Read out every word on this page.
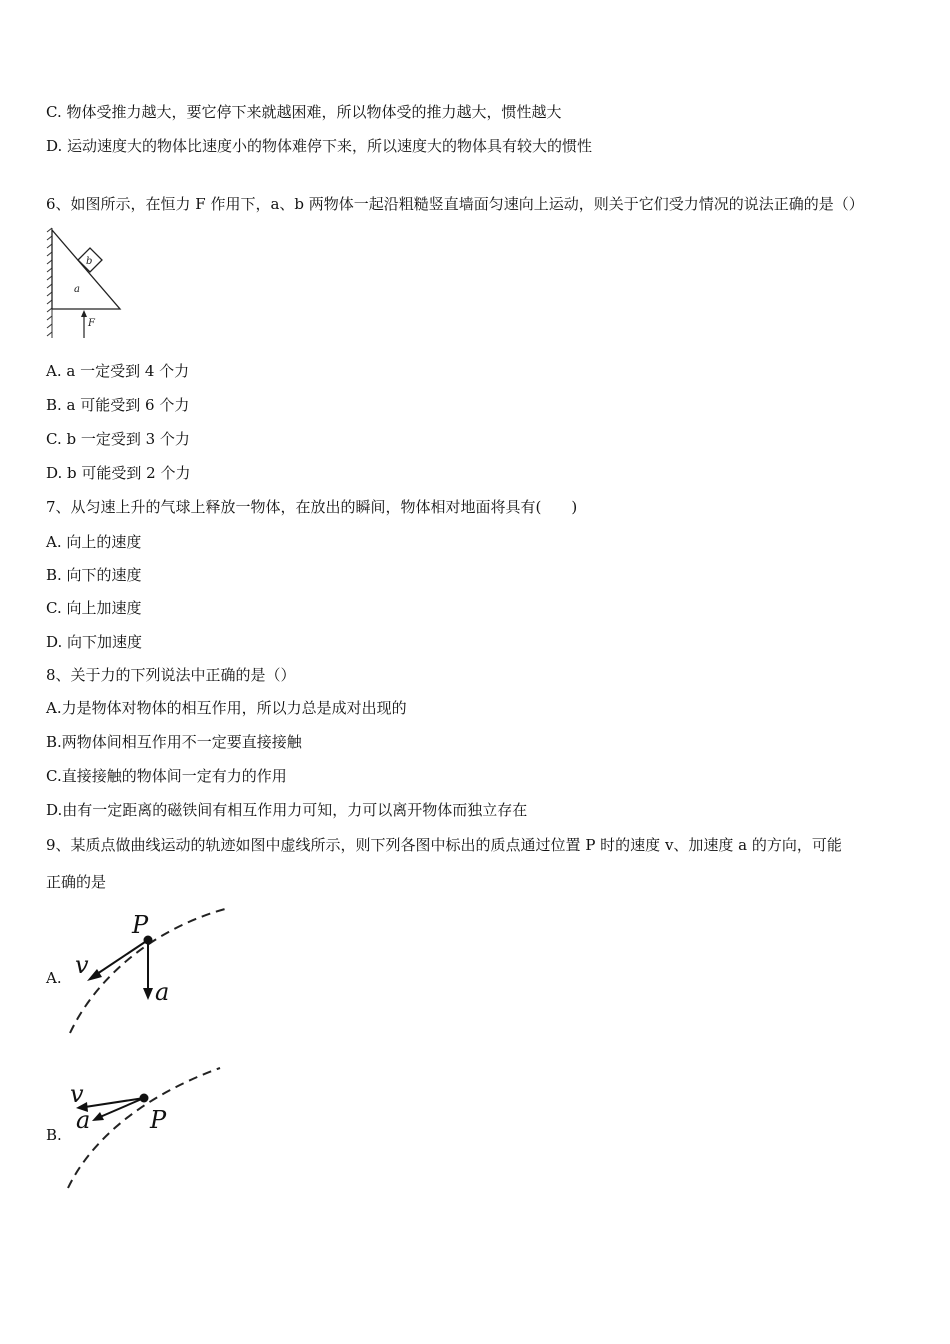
C. 物体受推力越大，要它停下来就越困难，所以物体受的推力越大，惯性越大
D. 运动速度大的物体比速度小的物体难停下来，所以速度大的物体具有较大的惯性
6、如图所示，在恒力 F 作用下，a、b 两物体一起沿粗糙竖直墙面匀速向上运动，则关于它们受力情况的说法正确的是（）
b
a
F
A. a 一定受到 4 个力
B. a 可能受到 6 个力
C. b 一定受到 3 个力
D. b 可能受到 2 个力
7、从匀速上升的气球上释放一物体，在放出的瞬间，物体相对地面将具有(　　)
A. 向上的速度
B. 向下的速度
C. 向上加速度
D. 向下加速度
8、关于力的下列说法中正确的是（）
A.力是物体对物体的相互作用，所以力总是成对出现的
B.两物体间相互作用不一定要直接接触
C.直接接触的物体间一定有力的作用
D.由有一定距离的磁铁间有相互作用力可知，力可以离开物体而独立存在
9、某质点做曲线运动的轨迹如图中虚线所示，则下列各图中标出的质点通过位置 P 时的速度 v、加速度 a 的方向，可能
正确的是
A.
P
v
a
B.
P
v
a
